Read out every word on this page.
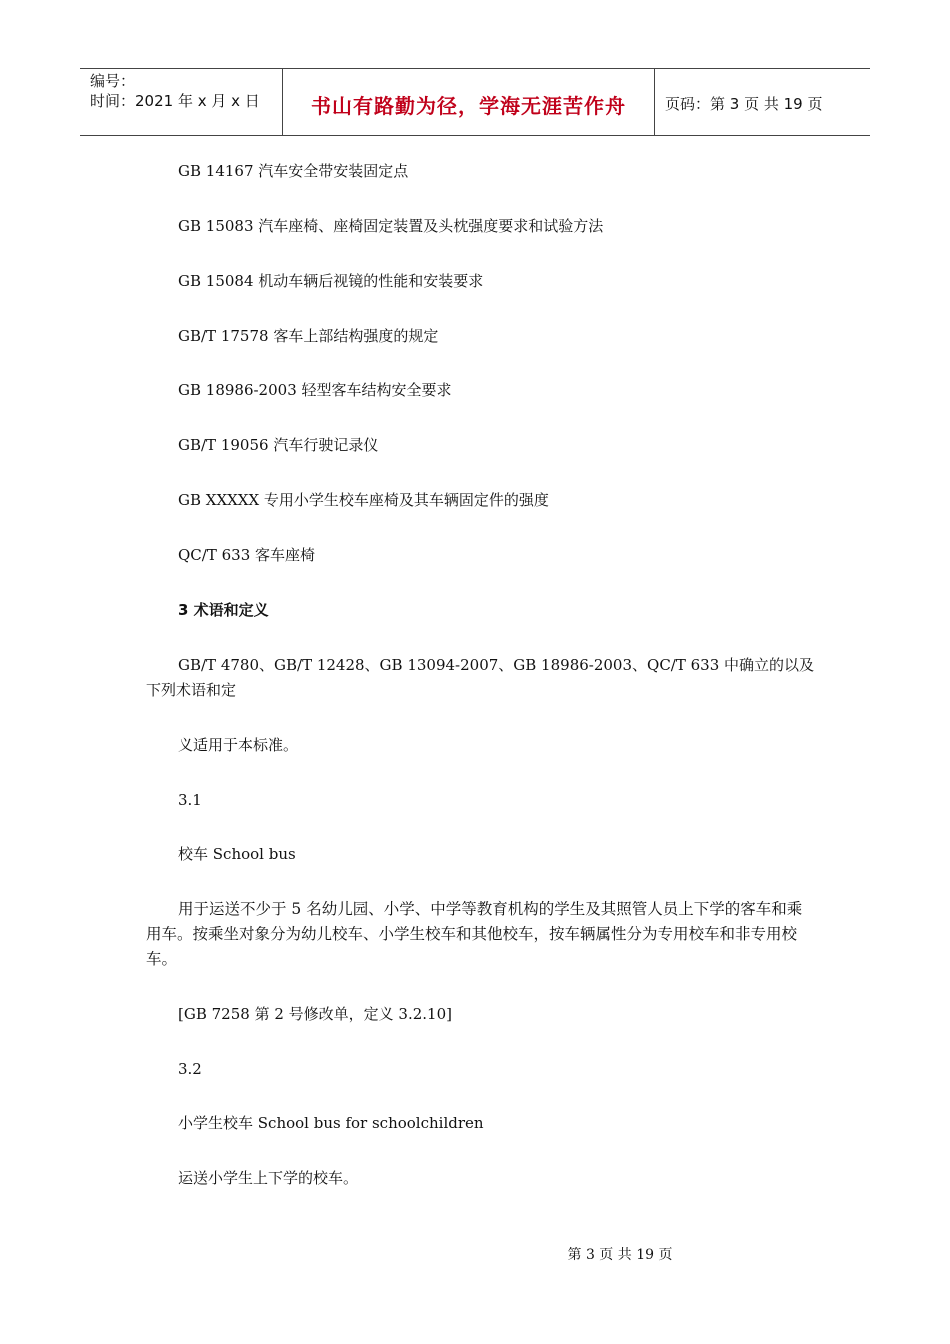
编号：
时间：2021 年 x 月 x 日	书山有路勤为径，学海无涯苦作舟	页码：第 3 页 共 19 页
GB 14167 汽车安全带安装固定点
GB 15083 汽车座椅、座椅固定装置及头枕强度要求和试验方法
GB 15084 机动车辆后视镜的性能和安装要求
GB/T 17578 客车上部结构强度的规定
GB 18986-2003 轻型客车结构安全要求
GB/T 19056 汽车行驶记录仪
GB XXXXX 专用小学生校车座椅及其车辆固定件的强度
QC/T 633 客车座椅
3 术语和定义
GB/T 4780、GB/T 12428、GB 13094-2007、GB 18986-2003、QC/T 633 中确立的以及
下列术语和定
义适用于本标准。
3.1
校车 School bus
用于运送不少于 5 名幼儿园、小学、中学等教育机构的学生及其照管人员上下学的客车和乘用车。按乘坐对象分为幼儿校车、小学生校车和其他校车，按车辆属性分为专用校车和非专用校车。
[GB 7258 第 2 号修改单，定义 3.2.10]
3.2
小学生校车 School bus for schoolchildren
运送小学生上下学的校车。
第 3 页 共 19 页
